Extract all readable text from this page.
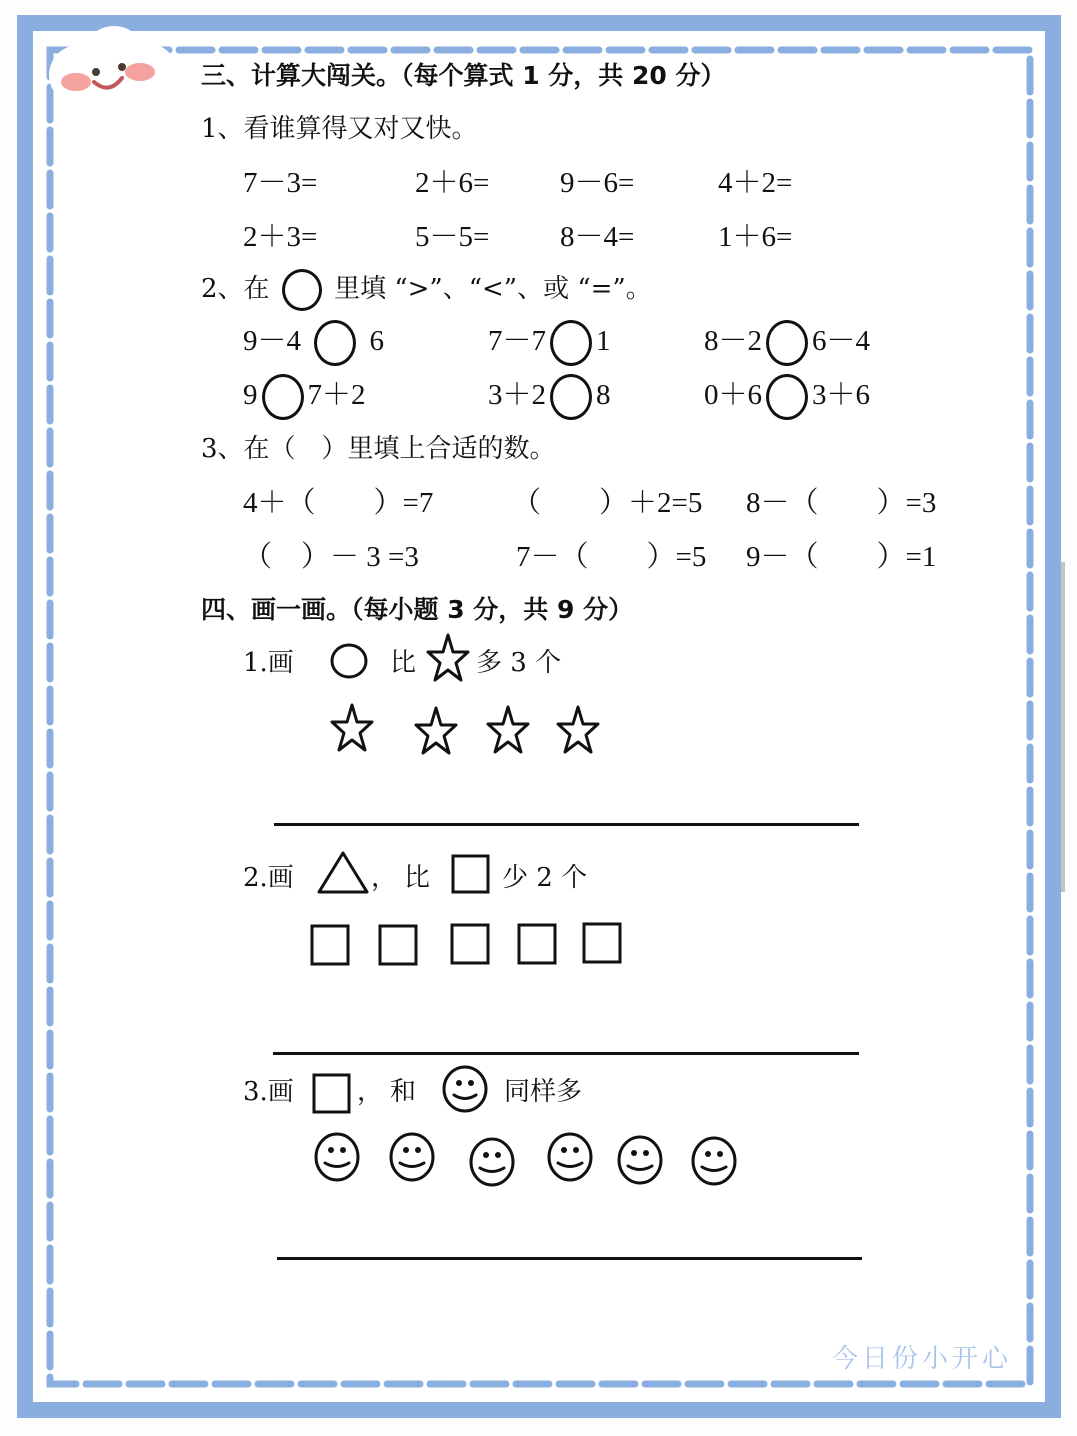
三、计算大闯关。（每个算式 1 分，共 20 分）
1、看谁算得又对又快。
7－3=	2＋6= 9－6=	4＋2=
2＋3=	5－5= 8－4=	1＋6=
2、在 里填 “>”、“<”、或 “=”。
9－4 6	7－7 1	8－2 6－4
9 7＋2	3＋2 8	0＋6 3＋6
3、在（　）里填上合适的数。
4＋（　　）=7	（　　）＋2=5 8－（　　）=3
（　）－ 3 =3	7－（　　）=5 9－（　　）=1
四、画一画。（每小题 3 分，共 9 分）
1.画	比 多 3 个
2.画	， 比	少 2 个
3.画 ， 和	同样多
今日份小开心
